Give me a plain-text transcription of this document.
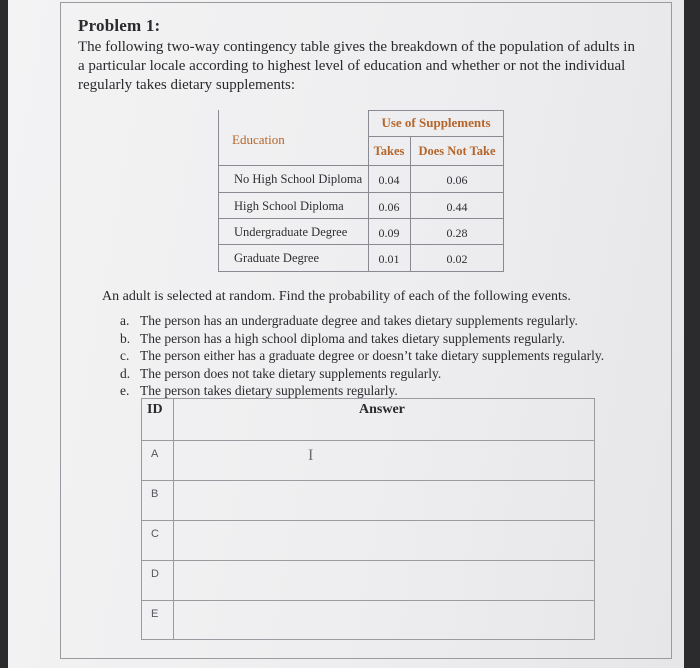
Problem 1:
The following two-way contingency table gives the breakdown of the population of adults in a particular locale according to highest level of education and whether or not the individual regularly takes dietary supplements:
Education
Use of Supplements
Takes	Does Not Take
No High School Diploma	0.04	0.06
High School Diploma	0.06	0.44
Undergraduate Degree	0.09	0.28
Graduate Degree	0.01	0.02
An adult is selected at random. Find the probability of each of the following events.
a. The person has an undergraduate degree and takes dietary supplements regularly.
b. The person has a high school diploma and takes dietary supplements regularly.
c. The person either has a graduate degree or doesn’t take dietary supplements regularly.
d. The person does not take dietary supplements regularly.
e. The person takes dietary supplements regularly.
ID	Answer
A
B
C
D
E
I
